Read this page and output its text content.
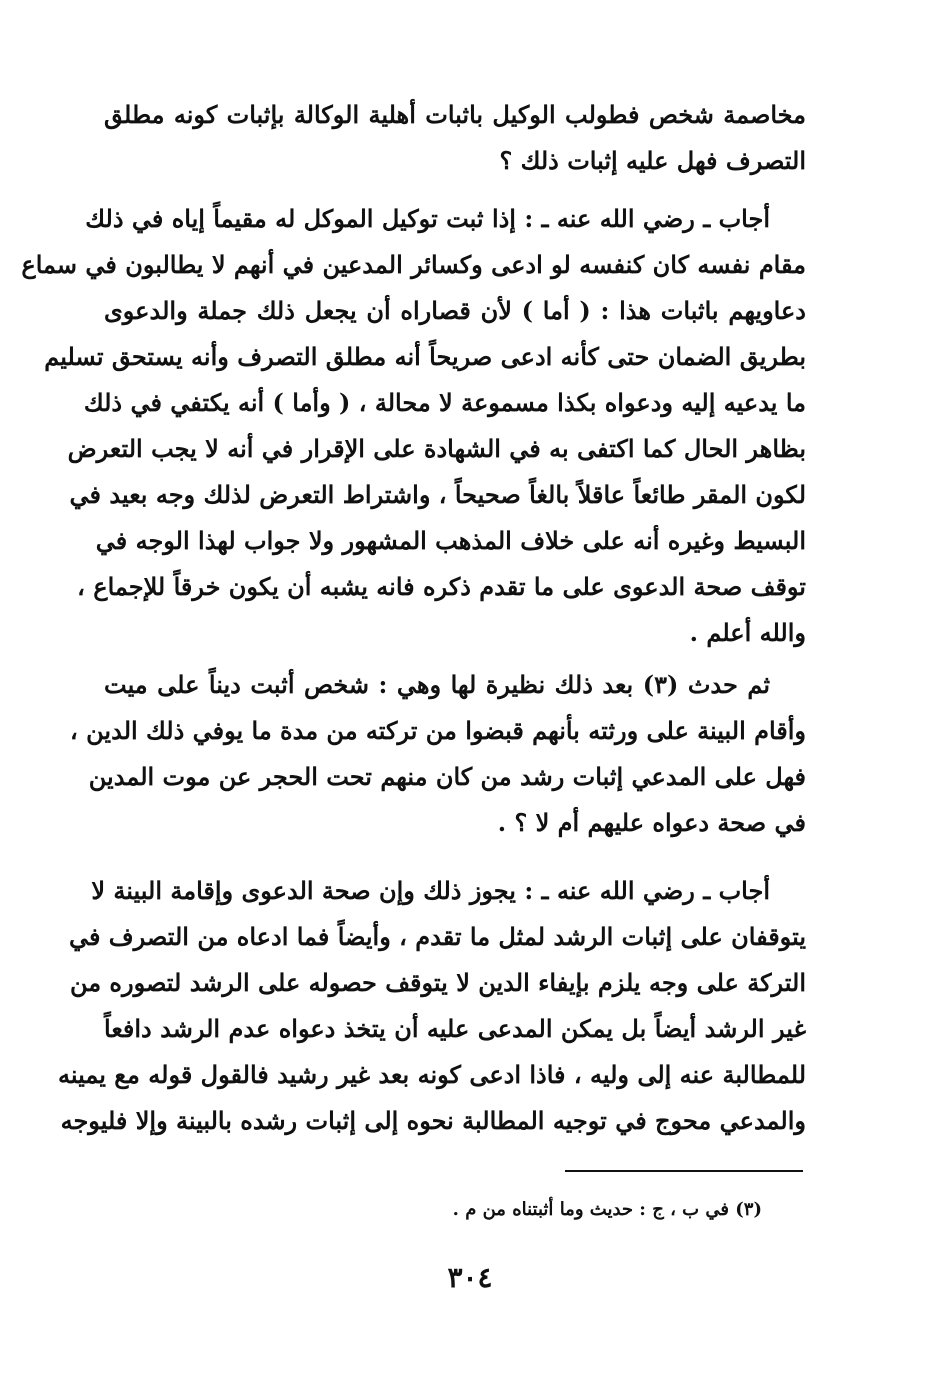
مخاصمة شخص فطولب الوكيل باثبات أهلية الوكالة بإثبات كونه مطلق
التصرف فهل عليه إثبات ذلك ؟
أجاب ـ رضي الله عنه ـ : إذا ثبت توكيل الموكل له مقيماً إياه في ذلك
مقام نفسه كان كنفسه لو ادعى وكسائر المدعين في أنهم لا يطالبون في سماع
دعاويهم باثبات هذا : ( أما ) لأن قصاراه أن يجعل ذلك جملة والدعوى
بطريق الضمان حتى كأنه ادعى صريحاً أنه مطلق التصرف وأنه يستحق تسليم
ما يدعيه إليه ودعواه بكذا مسموعة لا محالة ، ( وأما ) أنه يكتفي في ذلك
بظاهر الحال كما اكتفى به في الشهادة على الإقرار في أنه لا يجب التعرض
لكون المقر طائعاً عاقلاً بالغاً صحيحاً ، واشتراط التعرض لذلك وجه بعيد في
البسيط وغيره أنه على خلاف المذهب المشهور ولا جواب لهذا الوجه في
توقف صحة الدعوى على ما تقدم ذكره فانه يشبه أن يكون خرقاً للإجماع ،
والله أعلم .
ثم حدث (٣) بعد ذلك نظيرة لها وهي : شخص أثبت ديناً على ميت
وأقام البينة على ورثته بأنهم قبضوا من تركته من مدة ما يوفي ذلك الدين ،
فهل على المدعي إثبات رشد من كان منهم تحت الحجر عن موت المدين
في صحة دعواه عليهم أم لا ؟ .
أجاب ـ رضي الله عنه ـ : يجوز ذلك وإن صحة الدعوى وإقامة البينة لا
يتوقفان على إثبات الرشد لمثل ما تقدم ، وأيضاً فما ادعاه من التصرف في
التركة على وجه يلزم بإيفاء الدين لا يتوقف حصوله على الرشد لتصوره من
غير الرشد أيضاً بل يمكن المدعى عليه أن يتخذ دعواه عدم الرشد دافعاً
للمطالبة عنه إلى وليه ، فاذا ادعى كونه بعد غير رشيد فالقول قوله مع يمينه
والمدعي محوج في توجيه المطالبة نحوه إلى إثبات رشده بالبينة وإلا فليوجه
(٣) في ب ، ج : حديث وما أثبتناه من م .
٣٠٤
